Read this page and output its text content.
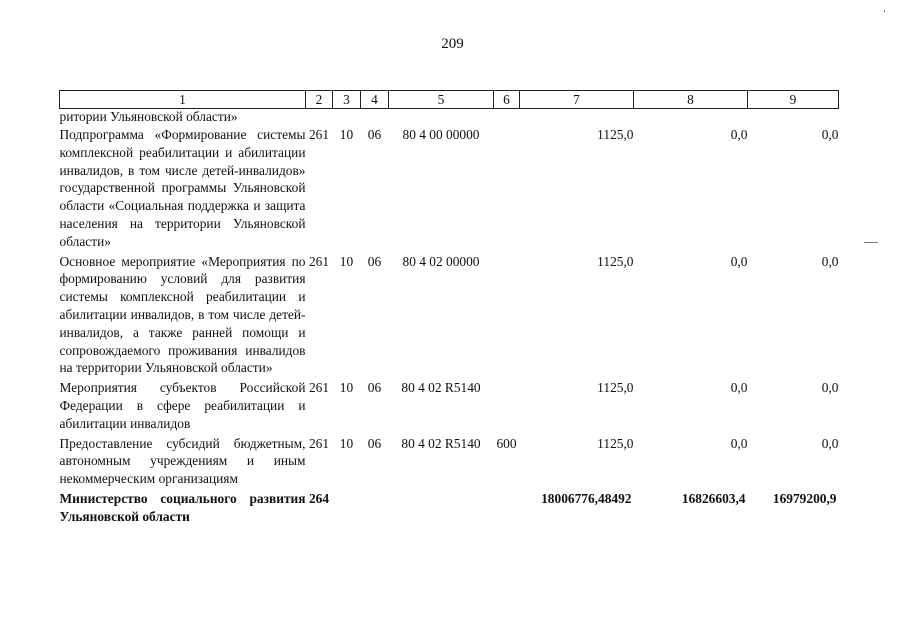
209
1	2	3	4	5	6	7	8	9
ритории Ульяновской области»								
Подпрограмма «Формирование системы комплексной реабилитации и абилитации инвалидов, в том числе детей-инвалидов» государственной программы Ульяновской области «Социальная поддержка и защита населения на территории Ульяновской области»	261	10	06	80 4 00 00000		1125,0	0,0	0,0
Основное мероприятие «Мероприятия по формированию условий для развития системы комплексной реабилитации и абилитации инвалидов, в том числе детей-инвалидов, а также ранней помощи и сопровождаемого проживания инвалидов на территории Ульяновской области»	261	10	06	80 4 02 00000		1125,0	0,0	0,0
Мероприятия субъектов Российской Федерации в сфере реабилитации и абилитации инвалидов	261	10	06	80 4 02 R5140		1125,0	0,0	0,0
Предоставление субсидий бюджетным, автономным учреждениям и иным некоммерческим организациям	261	10	06	80 4 02 R5140	600	1125,0	0,0	0,0
Министерство социального развития Ульяновской области	264					18006776,48492	16826603,4	16979200,9
